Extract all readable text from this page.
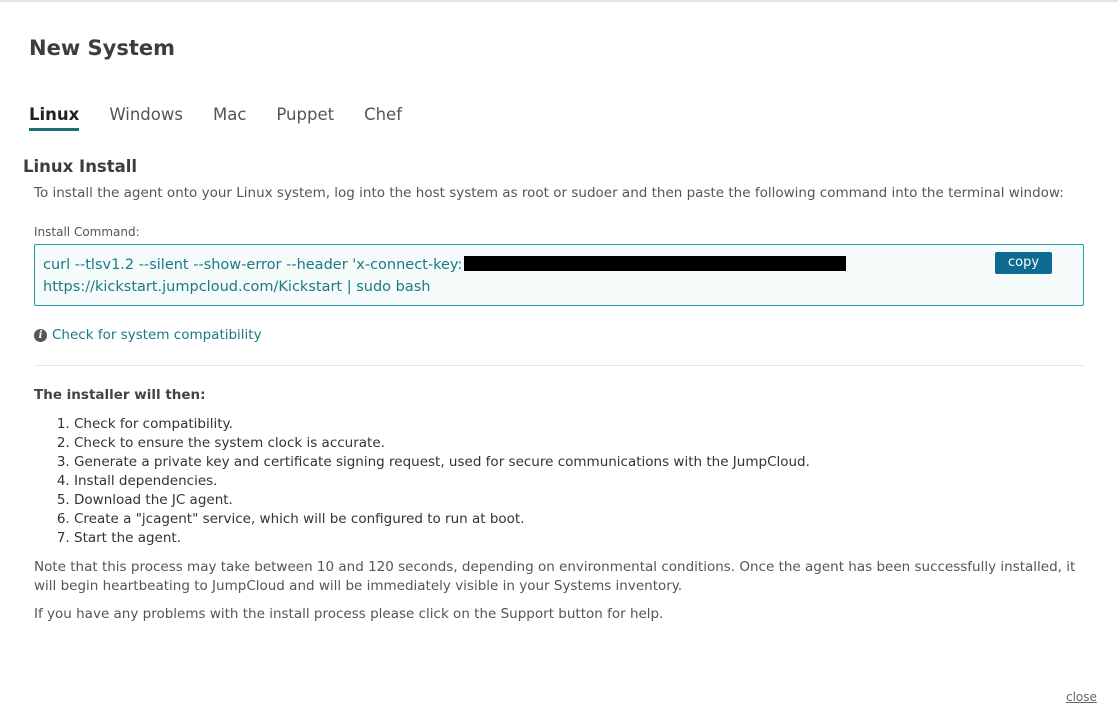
New System
Linux Windows Mac Puppet Chef
Linux Install
To install the agent onto your Linux system, log into the host system as root or sudoer and then paste the following command into the terminal window:
Install Command:
curl --tlsv1.2 --silent --show-error --header 'x-connect-key:
https://kickstart.jumpcloud.com/Kickstart | sudo bash
copy
i Check for system compatibility
The installer will then:
1. Check for compatibility.
2. Check to ensure the system clock is accurate.
3. Generate a private key and certificate signing request, used for secure communications with the JumpCloud.
4. Install dependencies.
5. Download the JC agent.
6. Create a "jcagent" service, which will be configured to run at boot.
7. Start the agent.

Note that this process may take between 10 and 120 seconds, depending on environmental conditions. Once the agent has been successfully installed, it will begin heartbeating to JumpCloud and will be immediately visible in your Systems inventory.

If you have any problems with the install process please click on the Support button for help.

close
